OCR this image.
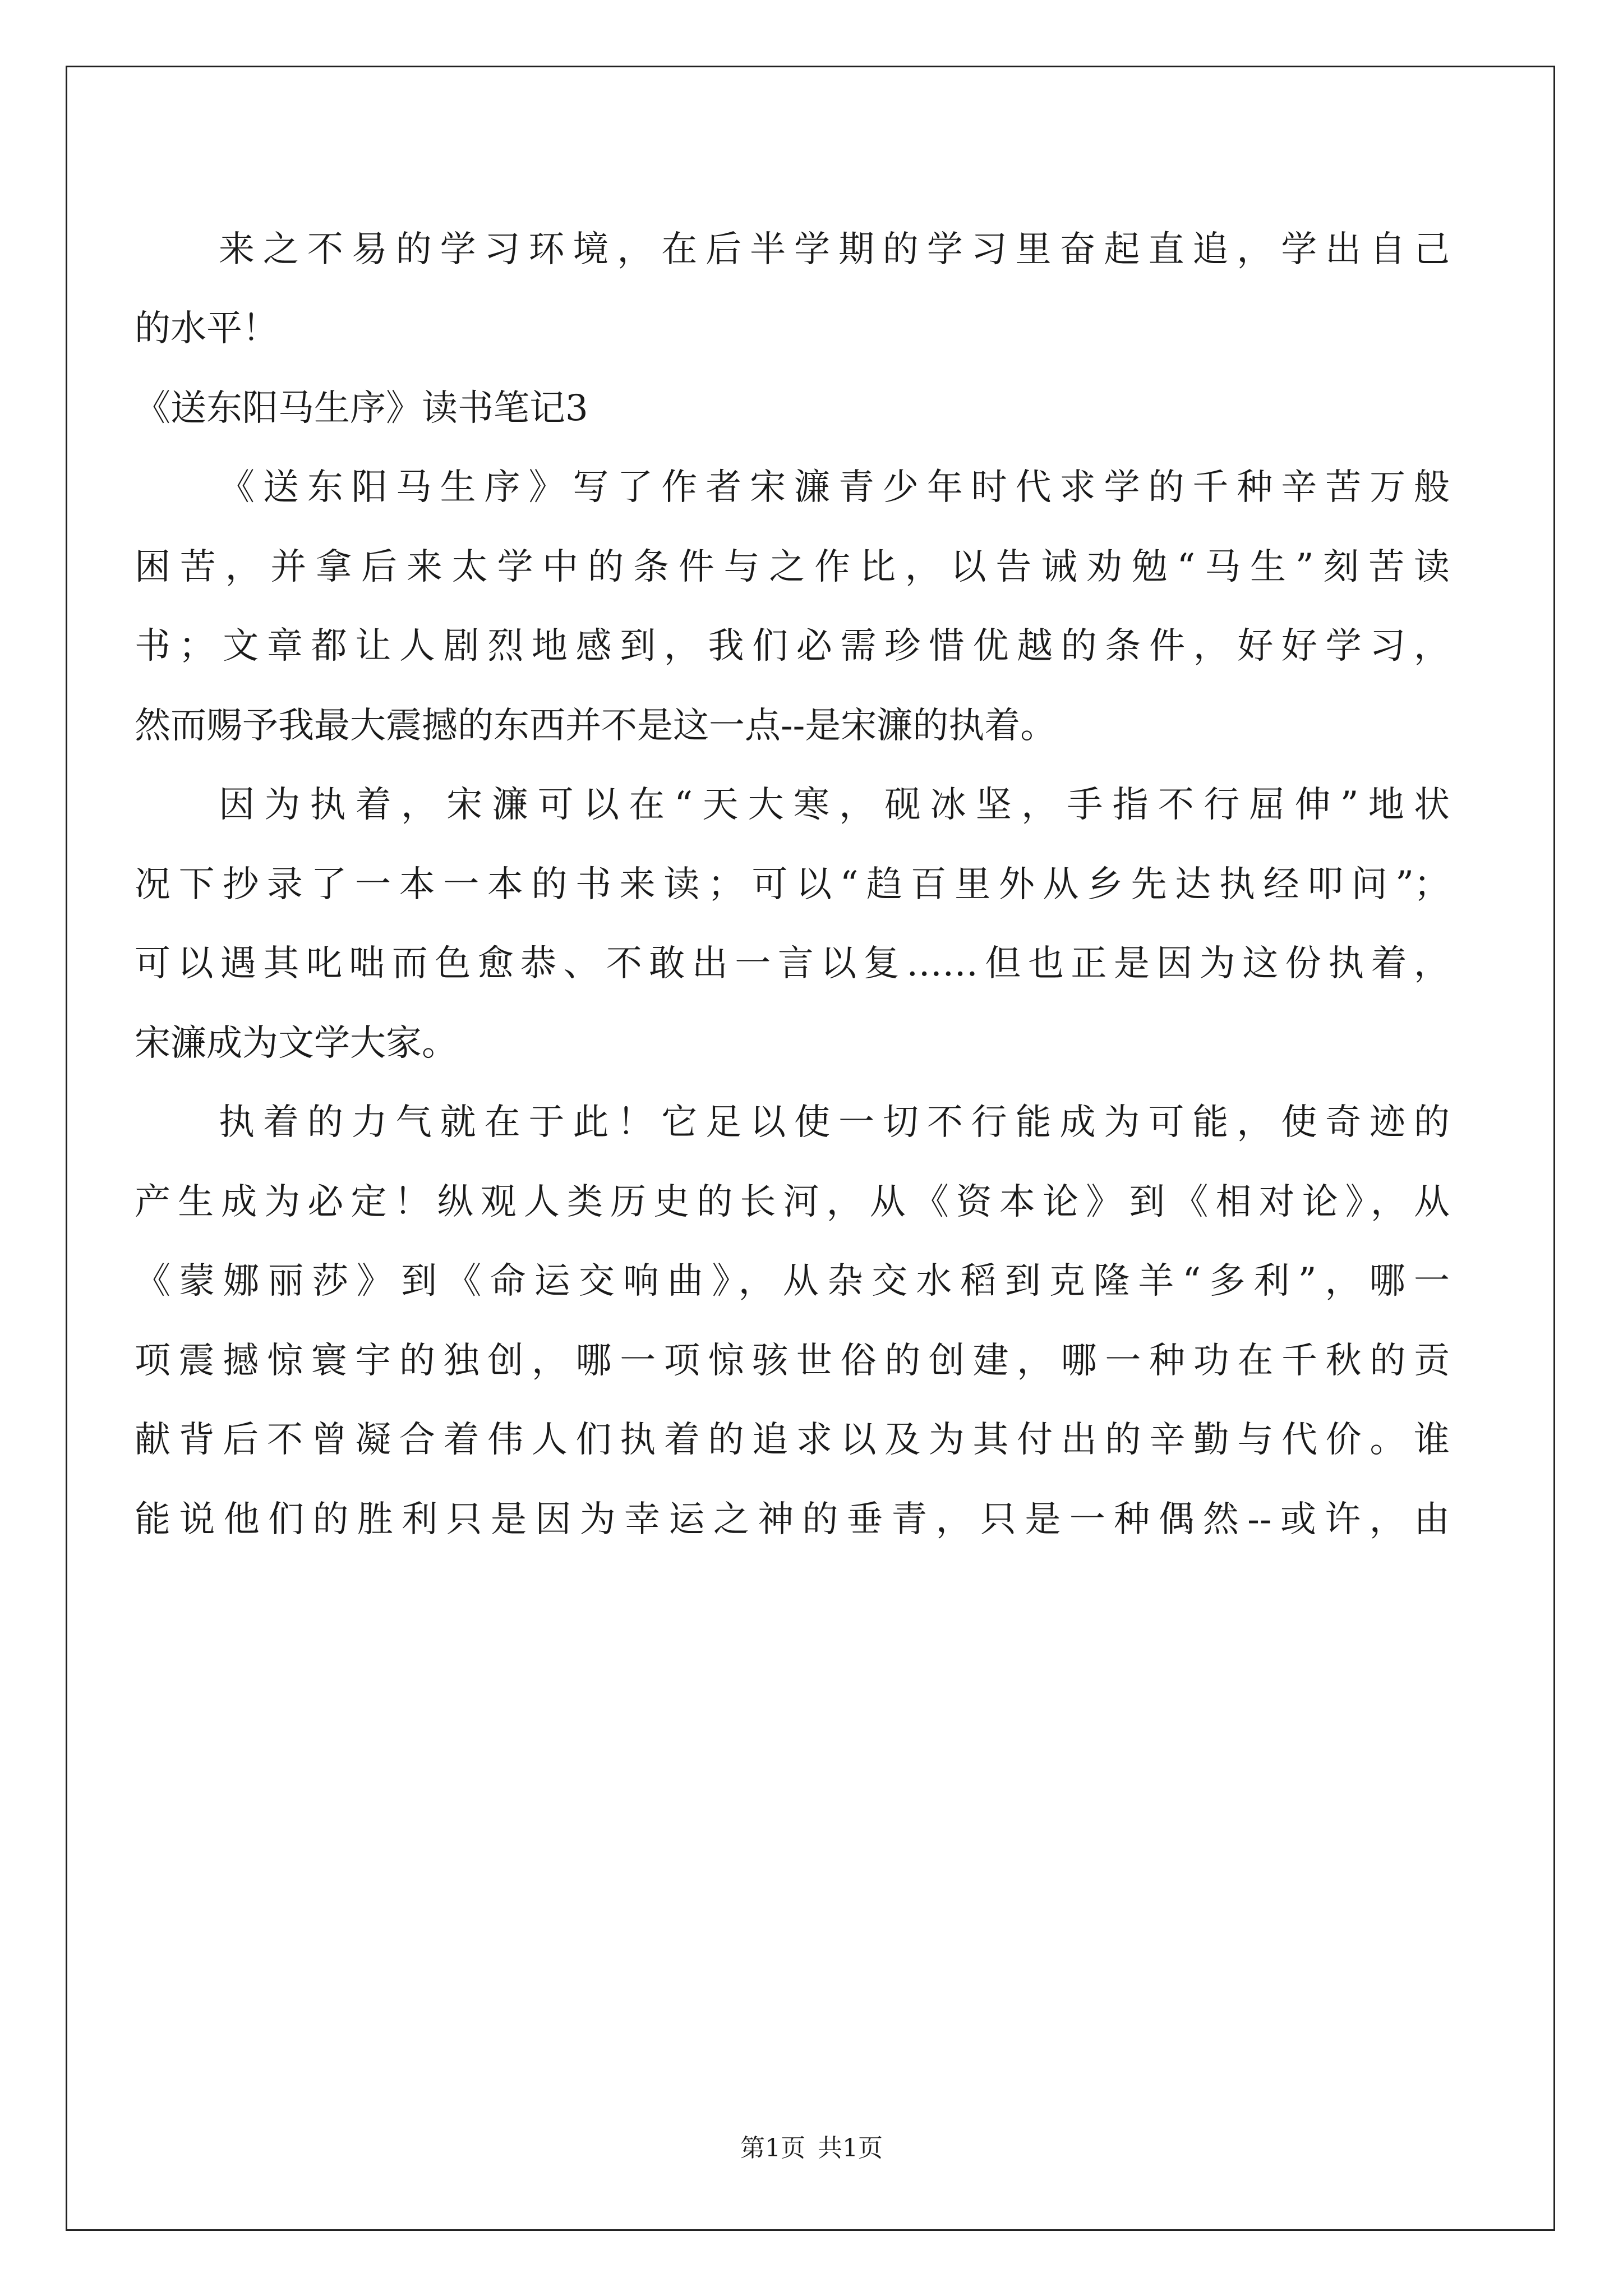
来之不易的学习环境，在后半学期的学习里奋起直追，学出自己
的水平！
《送东阳马生序》读书笔记3
《送东阳马生序》写了作者宋濂青少年时代求学的千种辛苦万般
困苦，并拿后来太学中的条件与之作比，以告诫劝勉“马生”刻苦读
书；文章都让人剧烈地感到，我们必需珍惜优越的条件，好好学习，
然而赐予我最大震撼的东西并不是这一点--是宋濂的执着。
因为执着，宋濂可以在“天大寒，砚冰坚，手指不行屈伸”地状
况下抄录了一本一本的书来读；可以“趋百里外从乡先达执经叩问”；
可以遇其叱咄而色愈恭、不敢出一言以复……但也正是因为这份执着，
宋濂成为文学大家。
执着的力气就在于此！它足以使一切不行能成为可能，使奇迹的
产生成为必定！纵观人类历史的长河，从《资本论》到《相对论》，从
《蒙娜丽莎》到《命运交响曲》，从杂交水稻到克隆羊“多利”，哪一
项震撼惊寰宇的独创，哪一项惊骇世俗的创建，哪一种功在千秋的贡
献背后不曾凝合着伟人们执着的追求以及为其付出的辛勤与代价。谁
能说他们的胜利只是因为幸运之神的垂青，只是一种偶然--或许，由
第1页 共1页
